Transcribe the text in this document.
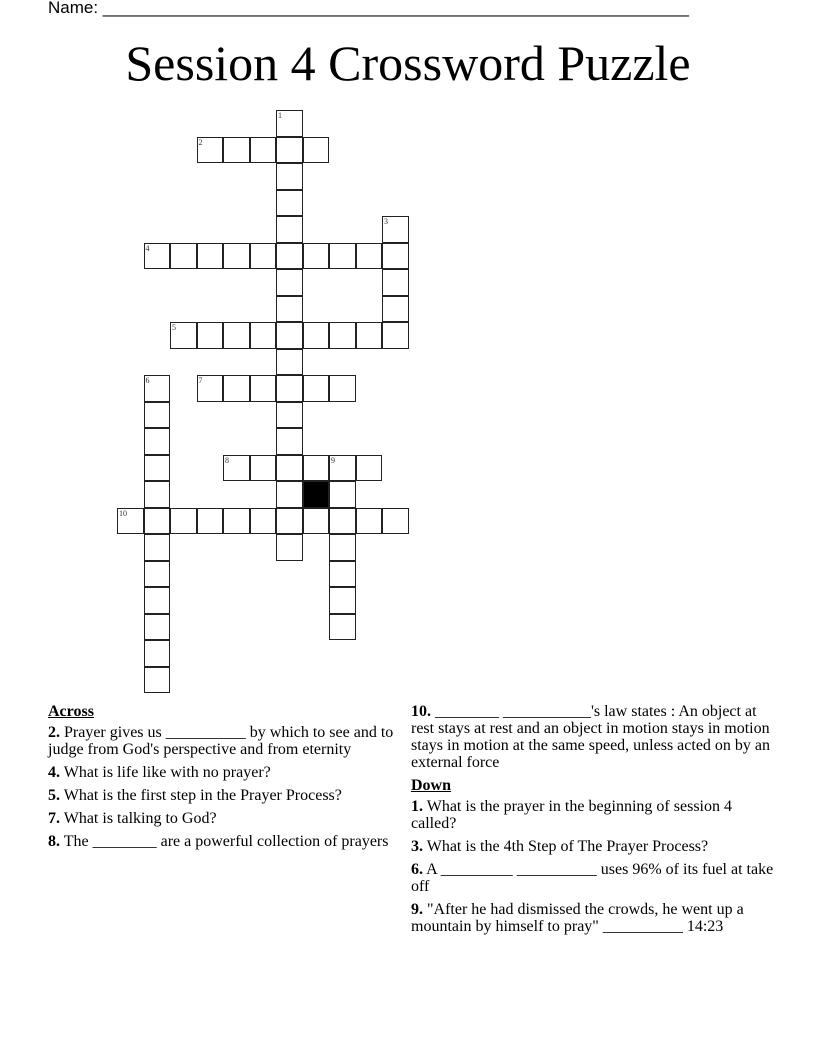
Name: ______________________________________________________________
Session 4 Crossword Puzzle
1
2
3
4
5
6	7
8	9
10
Across
2. Prayer gives us __________ by which to see and to judge from God's perspective and from eternity
4. What is life like with no prayer?
5. What is the first step in the Prayer Process?
7. What is talking to God?
8. The ________ are a powerful collection of prayers
10. ________ ___________'s law states : An object at rest stays at rest and an object in motion stays in motion stays in motion at the same speed, unless acted on by an external force
Down
1. What is the prayer in the beginning of session 4 called?
3. What is the 4th Step of The Prayer Process?
6. A _________ __________ uses 96% of its fuel at take off
9. "After he had dismissed the crowds, he went up a mountain by himself to pray" __________ 14:23
